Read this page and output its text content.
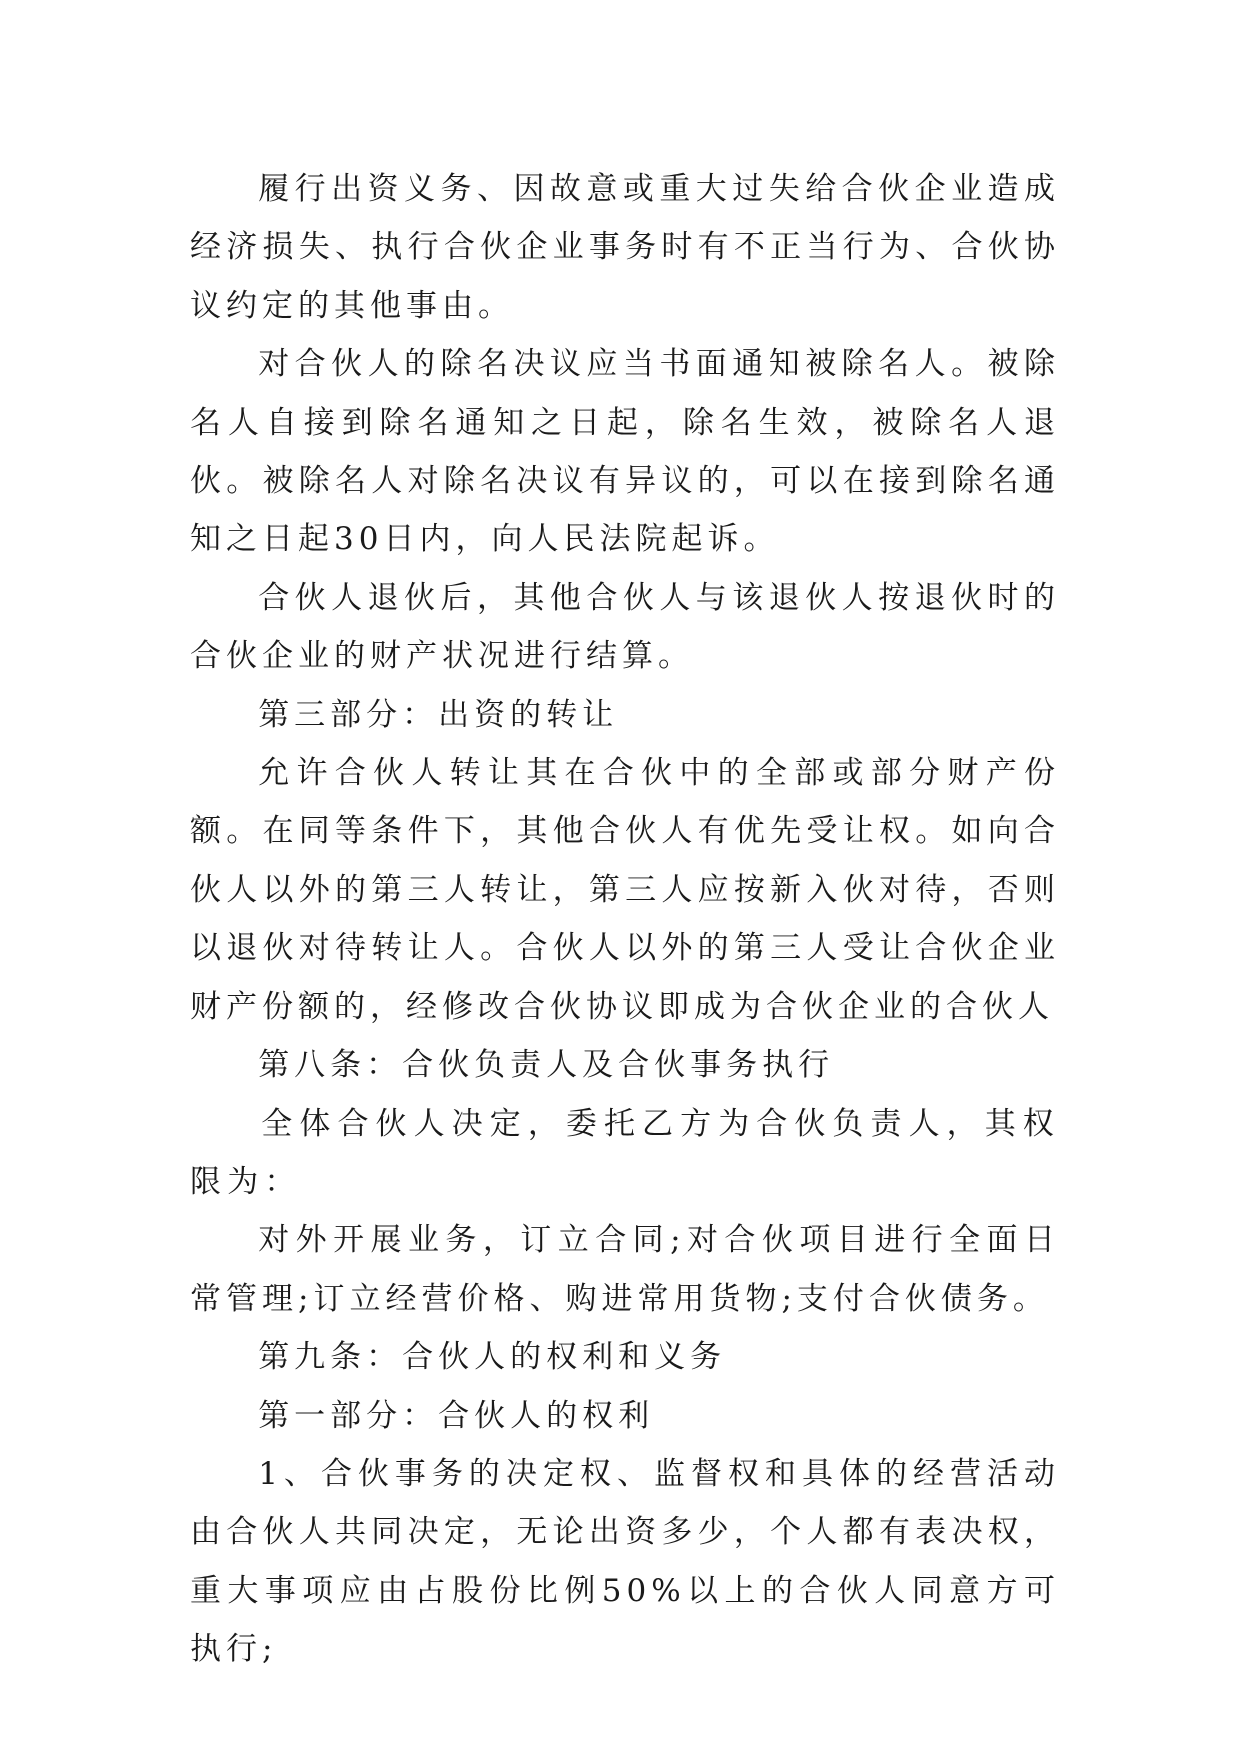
履行出资义务、因故意或重大过失给合伙企业造成经济损失、执行合伙企业事务时有不正当行为、合伙协议约定的其他事由。

对合伙人的除名决议应当书面通知被除名人。被除名人自接到除名通知之日起，除名生效，被除名人退伙。被除名人对除名决议有异议的，可以在接到除名通知之日起30日内，向人民法院起诉。

合伙人退伙后，其他合伙人与该退伙人按退伙时的合伙企业的财产状况进行结算。

第三部分：出资的转让

允许合伙人转让其在合伙中的全部或部分财产份额。在同等条件下，其他合伙人有优先受让权。如向合伙人以外的第三人转让，第三人应按新入伙对待，否则以退伙对待转让人。合伙人以外的第三人受让合伙企业财产份额的，经修改合伙协议即成为合伙企业的合伙人

第八条：合伙负责人及合伙事务执行

全体合伙人决定，委托乙方为合伙负责人，其权限为：

对外开展业务，订立合同;对合伙项目进行全面日常管理;订立经营价格、购进常用货物;支付合伙债务。

第九条：合伙人的权利和义务

第一部分：合伙人的权利

1、合伙事务的决定权、监督权和具体的经营活动由合伙人共同决定，无论出资多少，个人都有表决权，重大事项应由占股份比例50%以上的合伙人同意方可执行;
